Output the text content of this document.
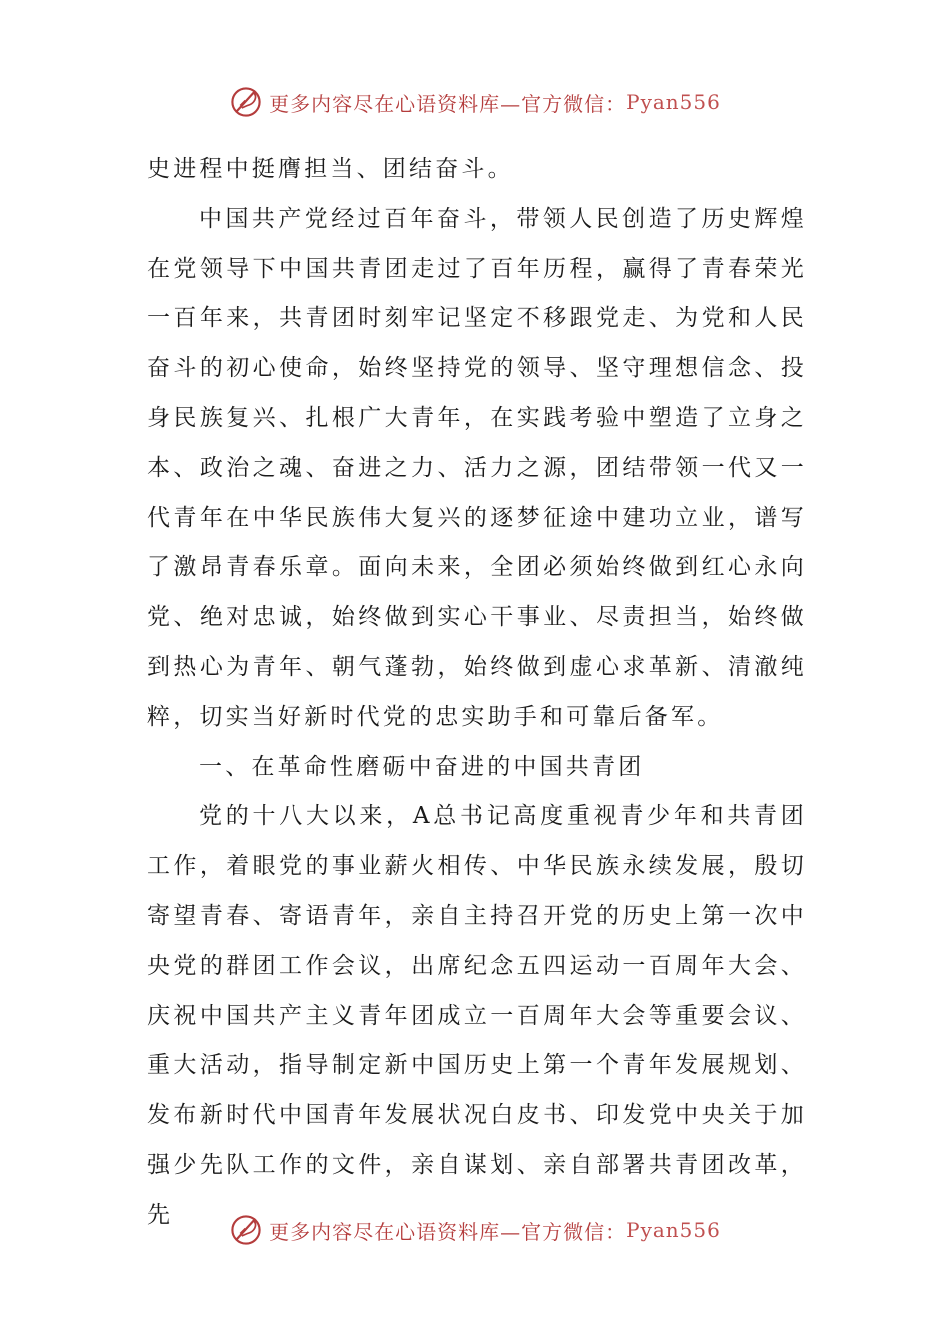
更多内容尽在心语资料库—官方微信： Pyan556

史进程中挺膺担当、团结奋斗。

中国共产党经过百年奋斗，带领人民创造了历史辉煌在党领导下中国共青团走过了百年历程，赢得了青春荣光一百年来，共青团时刻牢记坚定不移跟党走、为党和人民奋斗的初心使命，始终坚持党的领导、坚守理想信念、投身民族复兴、扎根广大青年，在实践考验中塑造了立身之本、政治之魂、奋进之力、活力之源，团结带领一代又一代青年在中华民族伟大复兴的逐梦征途中建功立业，谱写了激昂青春乐章。面向未来，全团必须始终做到红心永向党、绝对忠诚，始终做到实心干事业、尽责担当，始终做到热心为青年、朝气蓬勃，始终做到虚心求革新、清澈纯粹，切实当好新时代党的忠实助手和可靠后备军。

一、在革命性磨砺中奋进的中国共青团

党的十八大以来，A总书记高度重视青少年和共青团工作，着眼党的事业薪火相传、中华民族永续发展，殷切寄望青春、寄语青年，亲自主持召开党的历史上第一次中央党的群团工作会议，出席纪念五四运动一百周年大会、庆祝中国共产主义青年团成立一百周年大会等重要会议、重大活动，指导制定新中国历史上第一个青年发展规划、发布新时代中国青年发展状况白皮书、印发党中央关于加强少先队工作的文件，亲自谋划、亲自部署共青团改革，先

更多内容尽在心语资料库—官方微信： Pyan556
